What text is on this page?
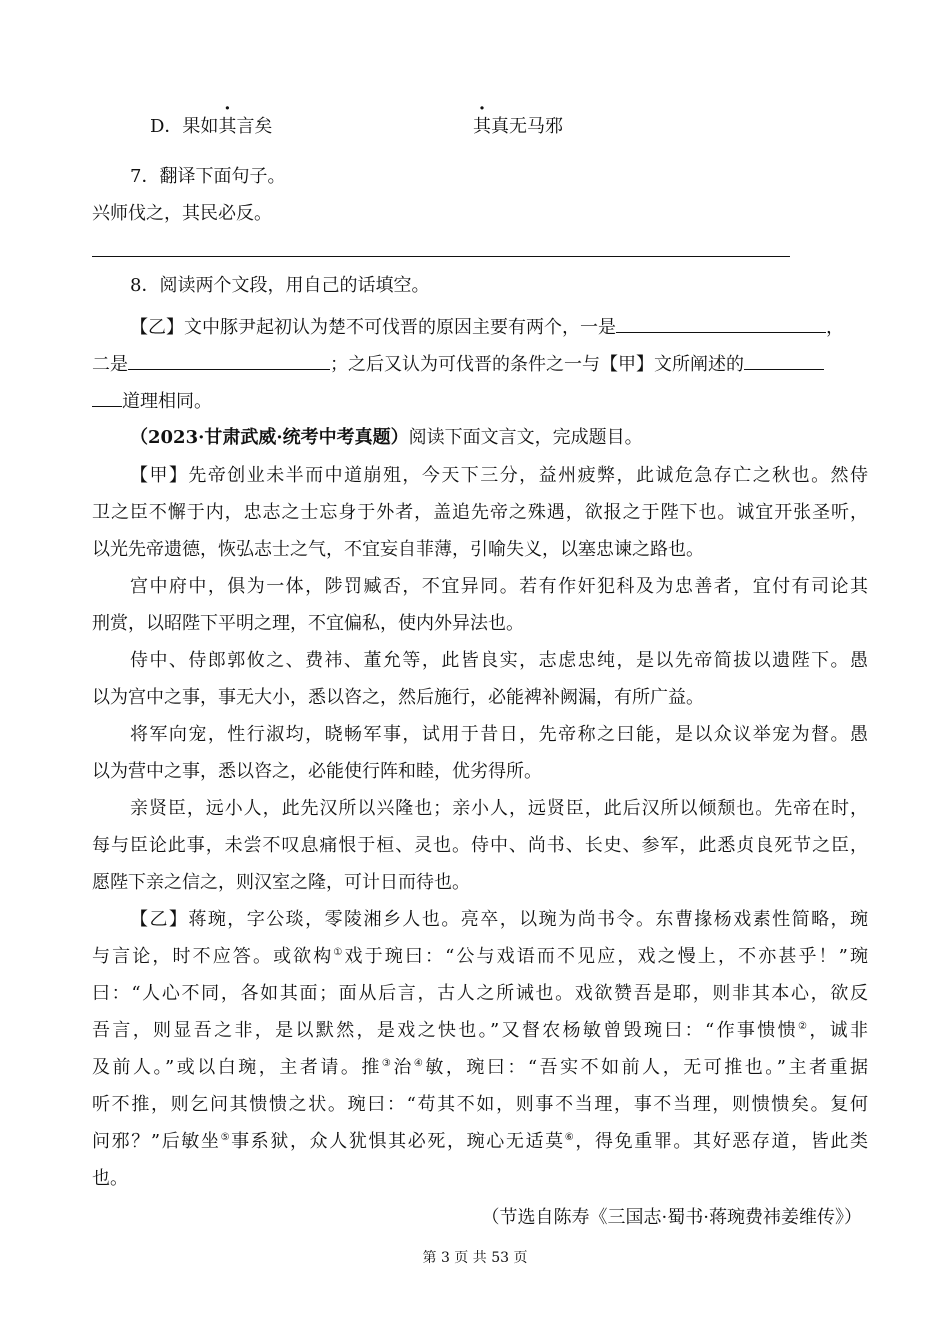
D．果如其言矣	其真无马邪
7．翻译下面句子。
兴师伐之，其民必反。
8．阅读两个文段，用自己的话填空。
【乙】文中豚尹起初认为楚不可伐晋的原因主要有两个，一是	，
二是	；之后又认为可伐晋的条件之一与【甲】文所阐述的
道理相同。
（2023·甘肃武威·统考中考真题）阅读下面文言文，完成题目。
【甲】先帝创业未半而中道崩殂，今天下三分，益州疲弊，此诚危急存亡之秋也。然侍
卫之臣不懈于内，忠志之士忘身于外者，盖追先帝之殊遇，欲报之于陛下也。诚宜开张圣听，
以光先帝遗德，恢弘志士之气，不宜妄自菲薄，引喻失义，以塞忠谏之路也。
宫中府中，俱为一体，陟罚臧否，不宜异同。若有作奸犯科及为忠善者，宜付有司论其
刑赏，以昭陛下平明之理，不宜偏私，使内外异法也。
侍中、侍郎郭攸之、费祎、董允等，此皆良实，志虑忠纯，是以先帝简拔以遗陛下。愚
以为宫中之事，事无大小，悉以咨之，然后施行，必能裨补阙漏，有所广益。
将军向宠，性行淑均，晓畅军事，试用于昔日，先帝称之曰能，是以众议举宠为督。愚
以为营中之事，悉以咨之，必能使行阵和睦，优劣得所。
亲贤臣，远小人，此先汉所以兴隆也；亲小人，远贤臣，此后汉所以倾颓也。先帝在时，
每与臣论此事，未尝不叹息痛恨于桓、灵也。侍中、尚书、长史、参军，此悉贞良死节之臣，
愿陛下亲之信之，则汉室之隆，可计日而待也。
【乙】蒋琬，字公琰，零陵湘乡人也。亮卒，以琬为尚书令。东曹掾杨戏素性简略，琬
与言论，时不应答。或欲构①戏于琬曰：“公与戏语而不见应，戏之慢上，不亦甚乎！”琬
曰：“人心不同，各如其面；面从后言，古人之所诫也。戏欲赞吾是耶，则非其本心，欲反
吾言，则显吾之非，是以默然，是戏之快也。”又督农杨敏曾毁琬曰：“作事愦愦②，诚非
及前人。”或以白琬，主者请。推③治④敏，琬曰：“吾实不如前人，无可推也。”主者重据
听不推，则乞问其愦愦之状。琬曰：“苟其不如，则事不当理，事不当理，则愦愦矣。复何
问邪？”后敏坐⑤事系狱，众人犹惧其必死，琬心无适莫⑥，得免重罪。其好恶存道，皆此类
也。
（节选自陈寿《三国志·蜀书·蒋琬费祎姜维传》）
第 3 页 共 53 页
